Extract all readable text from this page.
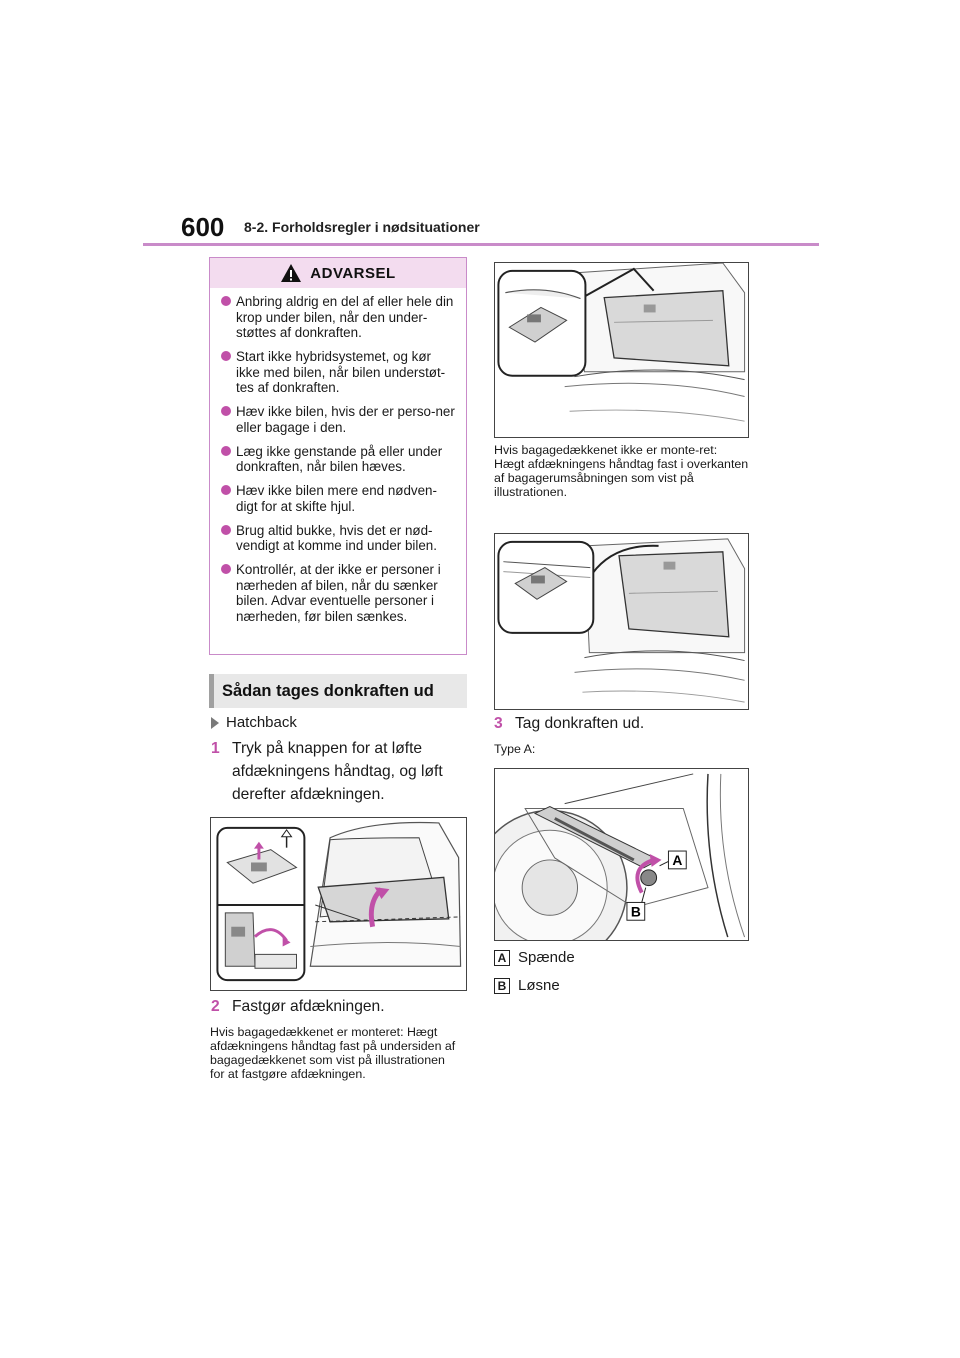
600 8-2. Forholdsregler i nødsituationer
ADVARSEL
Anbring aldrig en del af eller hele din krop under bilen, når den under-støttes af donkraften.
Start ikke hybridsystemet, og kør ikke med bilen, når bilen understøt-tes af donkraften.
Hæv ikke bilen, hvis der er perso-ner eller bagage i den.
Læg ikke genstande på eller under donkraften, når bilen hæves.
Hæv ikke bilen mere end nødven-digt for at skifte hjul.
Brug altid bukke, hvis det er nød-vendigt at komme ind under bilen.
Kontrollér, at der ikke er personer i nærheden af bilen, når du sænker bilen. Advar eventuelle personer i nærheden, før bilen sænkes.
Sådan tages donkraften ud
Hatchback
1 Tryk på knappen for at løfte afdækningens håndtag, og løft derefter afdækningen.
2 Fastgør afdækningen.
Hvis bagagedækkenet er monteret: Hægt afdækningens håndtag fast på undersiden af bagagedækkenet som vist på illustrationen for at fastgøre afdækningen.
Hvis bagagedækkenet ikke er monte-ret: Hægt afdækningens håndtag fast i overkanten af bagagerumsåbningen som vist på illustrationen.
3 Tag donkraften ud.
Type A:
A
B
A Spænde
B Løsne
